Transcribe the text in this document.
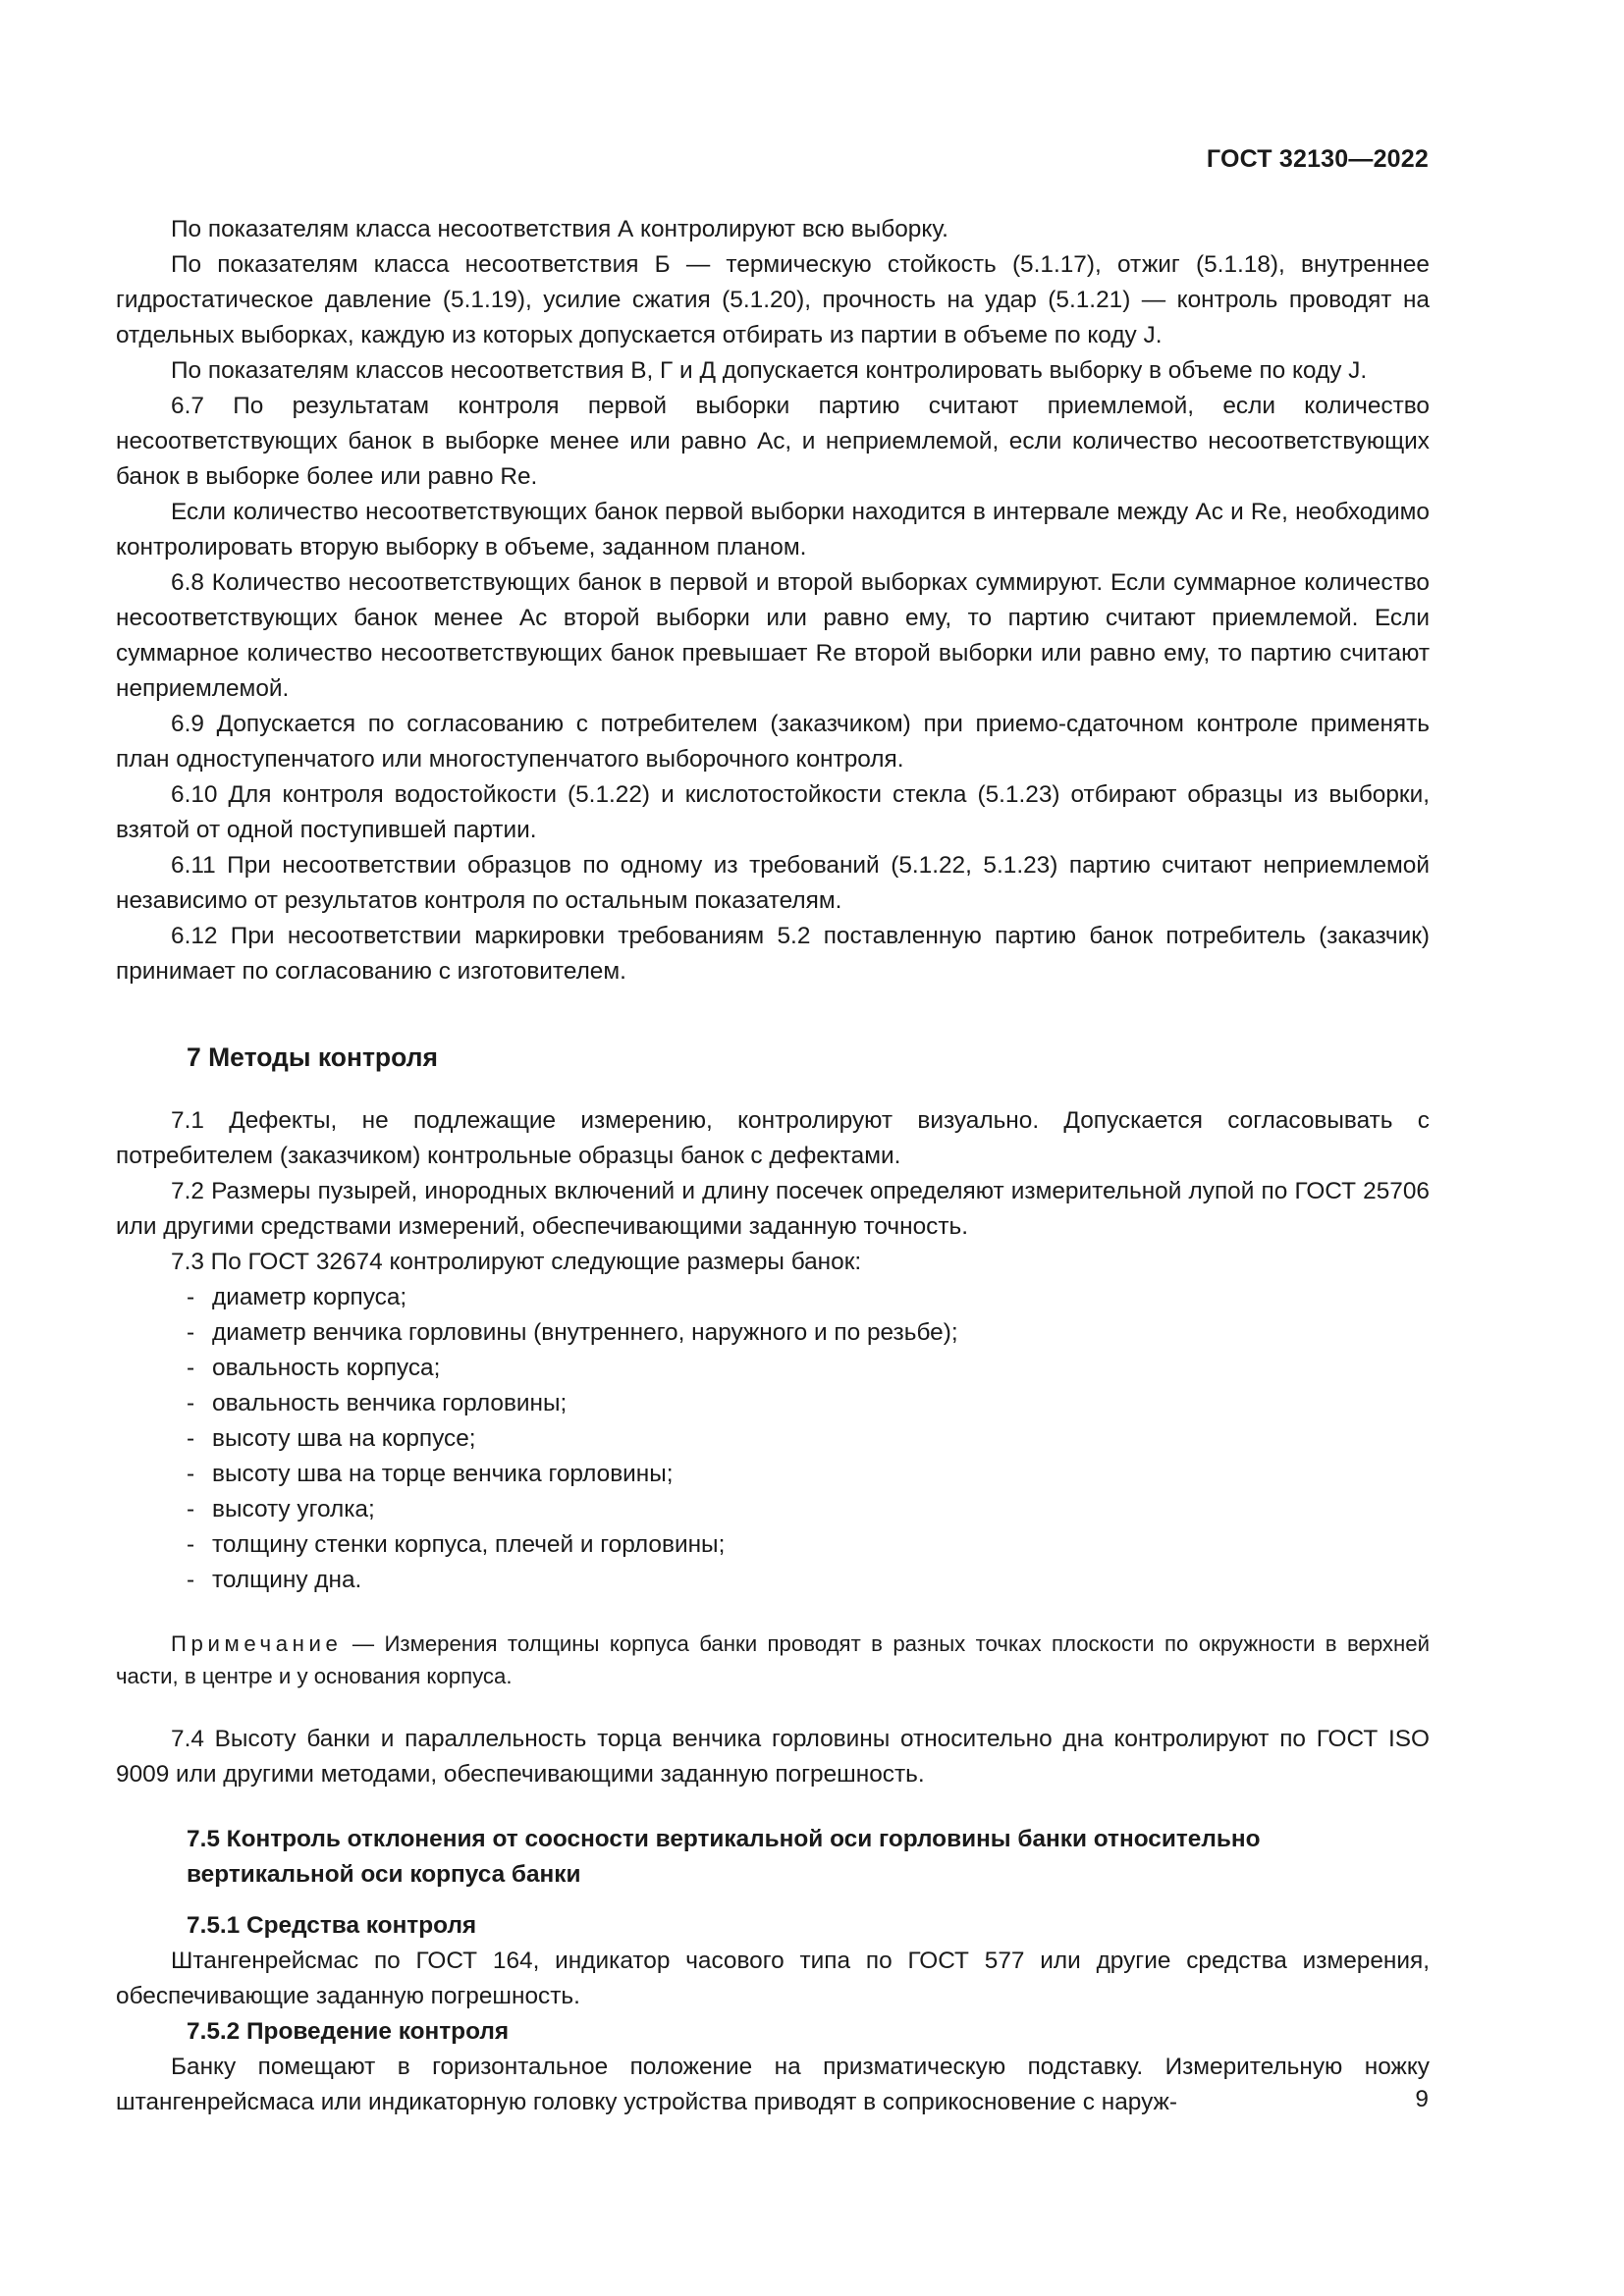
ГОСТ 32130—2022

По показателям класса несоответствия А контролируют всю выборку.

По показателям класса несоответствия Б — термическую стойкость (5.1.17), отжиг (5.1.18), внутреннее гидростатическое давление (5.1.19), усилие сжатия (5.1.20), прочность на удар (5.1.21) — контроль проводят на отдельных выборках, каждую из которых допускается отбирать из партии в объеме по коду J.

По показателям классов несоответствия В, Г и Д допускается контролировать выборку в объеме по коду J.

6.7 По результатам контроля первой выборки партию считают приемлемой, если количество несоответствующих банок в выборке менее или равно Ac, и неприемлемой, если количество несоответствующих банок в выборке более или равно Re.

Если количество несоответствующих банок первой выборки находится в интервале между Ac и Re, необходимо контролировать вторую выборку в объеме, заданном планом.

6.8 Количество несоответствующих банок в первой и второй выборках суммируют. Если суммарное количество несоответствующих банок менее Ac второй выборки или равно ему, то партию считают приемлемой. Если суммарное количество несоответствующих банок превышает Re второй выборки или равно ему, то партию считают неприемлемой.

6.9 Допускается по согласованию с потребителем (заказчиком) при приемо-сдаточном контроле применять план одноступенчатого или многоступенчатого выборочного контроля.

6.10 Для контроля водостойкости (5.1.22) и кислотостойкости стекла (5.1.23) отбирают образцы из выборки, взятой от одной поступившей партии.

6.11 При несоответствии образцов по одному из требований (5.1.22, 5.1.23) партию считают неприемлемой независимо от результатов контроля по остальным показателям.

6.12 При несоответствии маркировки требованиям 5.2 поставленную партию банок потребитель (заказчик) принимает по согласованию с изготовителем.

7 Методы контроля

7.1 Дефекты, не подлежащие измерению, контролируют визуально. Допускается согласовывать с потребителем (заказчиком) контрольные образцы банок с дефектами.

7.2 Размеры пузырей, инородных включений и длину посечек определяют измерительной лупой по ГОСТ 25706 или другими средствами измерений, обеспечивающими заданную точность.

7.3 По ГОСТ 32674 контролируют следующие размеры банок:

- диаметр корпуса;
- диаметр венчика горловины (внутреннего, наружного и по резьбе);
- овальность корпуса;
- овальность венчика горловины;
- высоту шва на корпусе;
- высоту шва на торце венчика горловины;
- высоту уголка;
- толщину стенки корпуса, плечей и горловины;
- толщину дна.

Примечание — Измерения толщины корпуса банки проводят в разных точках плоскости по окружности в верхней части, в центре и у основания корпуса.

7.4 Высоту банки и параллельность торца венчика горловины относительно дна контролируют по ГОСТ ISO 9009 или другими методами, обеспечивающими заданную погрешность.

7.5 Контроль отклонения от соосности вертикальной оси горловины банки относительно вертикальной оси корпуса банки
7.5.1 Средства контроля

Штангенрейсмас по ГОСТ 164, индикатор часового типа по ГОСТ 577 или другие средства измерения, обеспечивающие заданную погрешность.

7.5.2 Проведение контроля

Банку помещают в горизонтальное положение на призматическую подставку. Измерительную ножку штангенрейсмаса или индикаторную головку устройства приводят в соприкосновение с наруж-	9
